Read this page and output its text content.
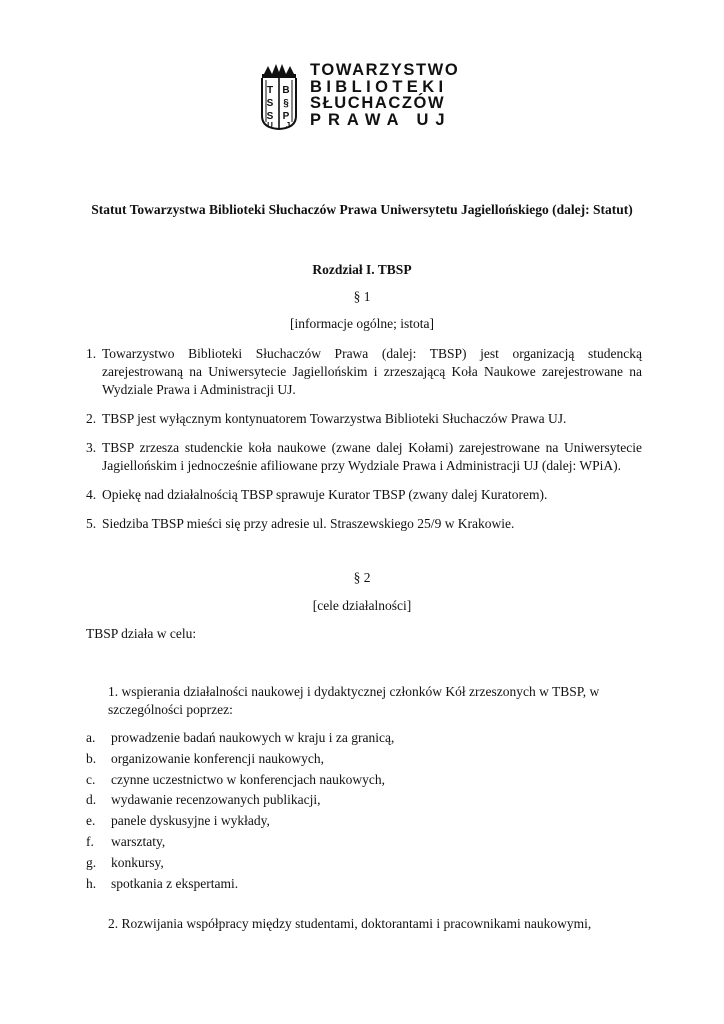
T B
S §
P
S
U J
TOWARZYSTWO
BIBLIOTEKI
SŁUCHACZÓW
PRAWA UJ
Statut Towarzystwa Biblioteki Słuchaczów Prawa Uniwersytetu Jagiellońskiego (dalej: Statut)
Rozdział I. TBSP
§ 1
[informacje ogólne; istota]
1. Towarzystwo Biblioteki Słuchaczów Prawa (dalej: TBSP) jest organizacją studencką zarejestrowaną na Uniwersytecie Jagiellońskim i zrzeszającą Koła Naukowe zarejestrowane na Wydziale Prawa i Administracji UJ.
2. TBSP jest wyłącznym kontynuatorem Towarzystwa Biblioteki Słuchaczów Prawa UJ.
3. TBSP zrzesza studenckie koła naukowe (zwane dalej Kołami) zarejestrowane na Uniwersytecie Jagiellońskim i jednocześnie afiliowane przy Wydziale Prawa i Administracji UJ (dalej: WPiA).
4. Opiekę nad działalnością TBSP sprawuje Kurator TBSP (zwany dalej Kuratorem).
5. Siedziba TBSP mieści się przy adresie ul. Straszewskiego 25/9 w Krakowie.
§ 2
[cele działalności]
TBSP działa w celu:
1. wspierania działalności naukowej i dydaktycznej członków Kół zrzeszonych w TBSP, w szczególności poprzez:
a. prowadzenie badań naukowych w kraju i za granicą,
b. organizowanie konferencji naukowych,
c. czynne uczestnictwo w konferencjach naukowych,
d. wydawanie recenzowanych publikacji,
e. panele dyskusyjne i wykłady,
f. warsztaty,
g. konkursy,
h. spotkania z ekspertami.
2. Rozwijania współpracy między studentami, doktorantami i pracownikami naukowymi,
